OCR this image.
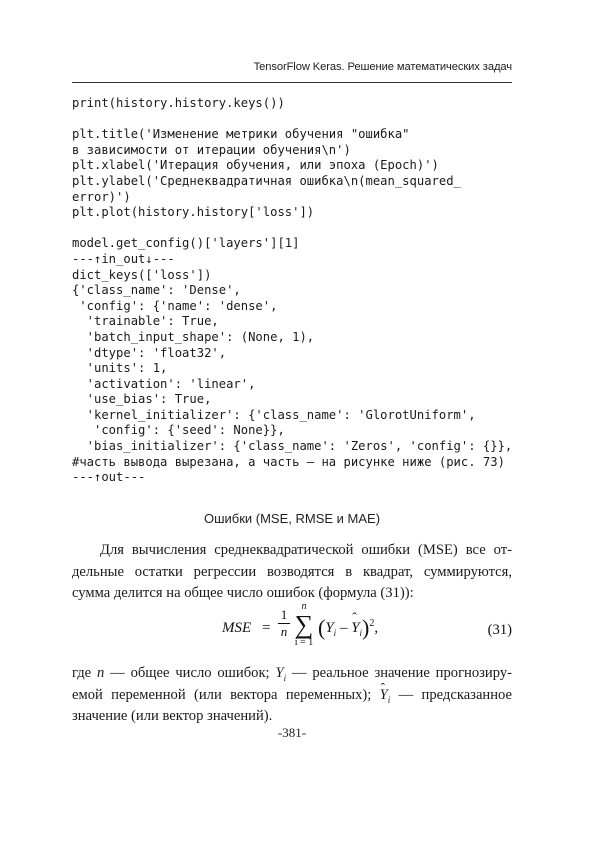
TensorFlow Keras. Решение математических задач
print(history.history.keys())
plt.title('Изменение метрики обучения "ошибка"
в зависимости от итерации обучения\n')
plt.xlabel('Итерация обучения, или эпоха (Epoch)')
plt.ylabel('Среднеквадратичная ошибка\n(mean_squared_
error)')
plt.plot(history.history['loss'])
model.get_config()['layers'][1]
---↑in_out↓---
dict_keys(['loss'])
{'class_name': 'Dense',
'config': {'name': 'dense',
'trainable': True,
'batch_input_shape': (None, 1),
'dtype': 'float32',
'units': 1,
'activation': 'linear',
'use_bias': True,
'kernel_initializer': {'class_name': 'GlorotUniform',
'config': {'seed': None}},
'bias_initializer': {'class_name': 'Zeros', 'config': {}},
#часть вывода вырезана, а часть – на рисунке ниже (рис. 73)
---↑out---
Ошибки (MSE, RMSE и MAE)
Для вычисления среднеквадратической ошибки (MSE) все от-
дельные остатки регрессии возводятся в квадрат, суммируются,
сумма делится на общее число ошибок (формула (31)):
MSE =
1
n
n
∑
i = 1
($Y_i$ – ˆ $Y_i)^2$,	(31)
где n — общее число ошибок; $Y_i$ — реальное значение прогнозиру-
емой переменной (или вектора переменных); ˆ $Y_i$ — предсказанное
значение (или вектор значений).
-381-
